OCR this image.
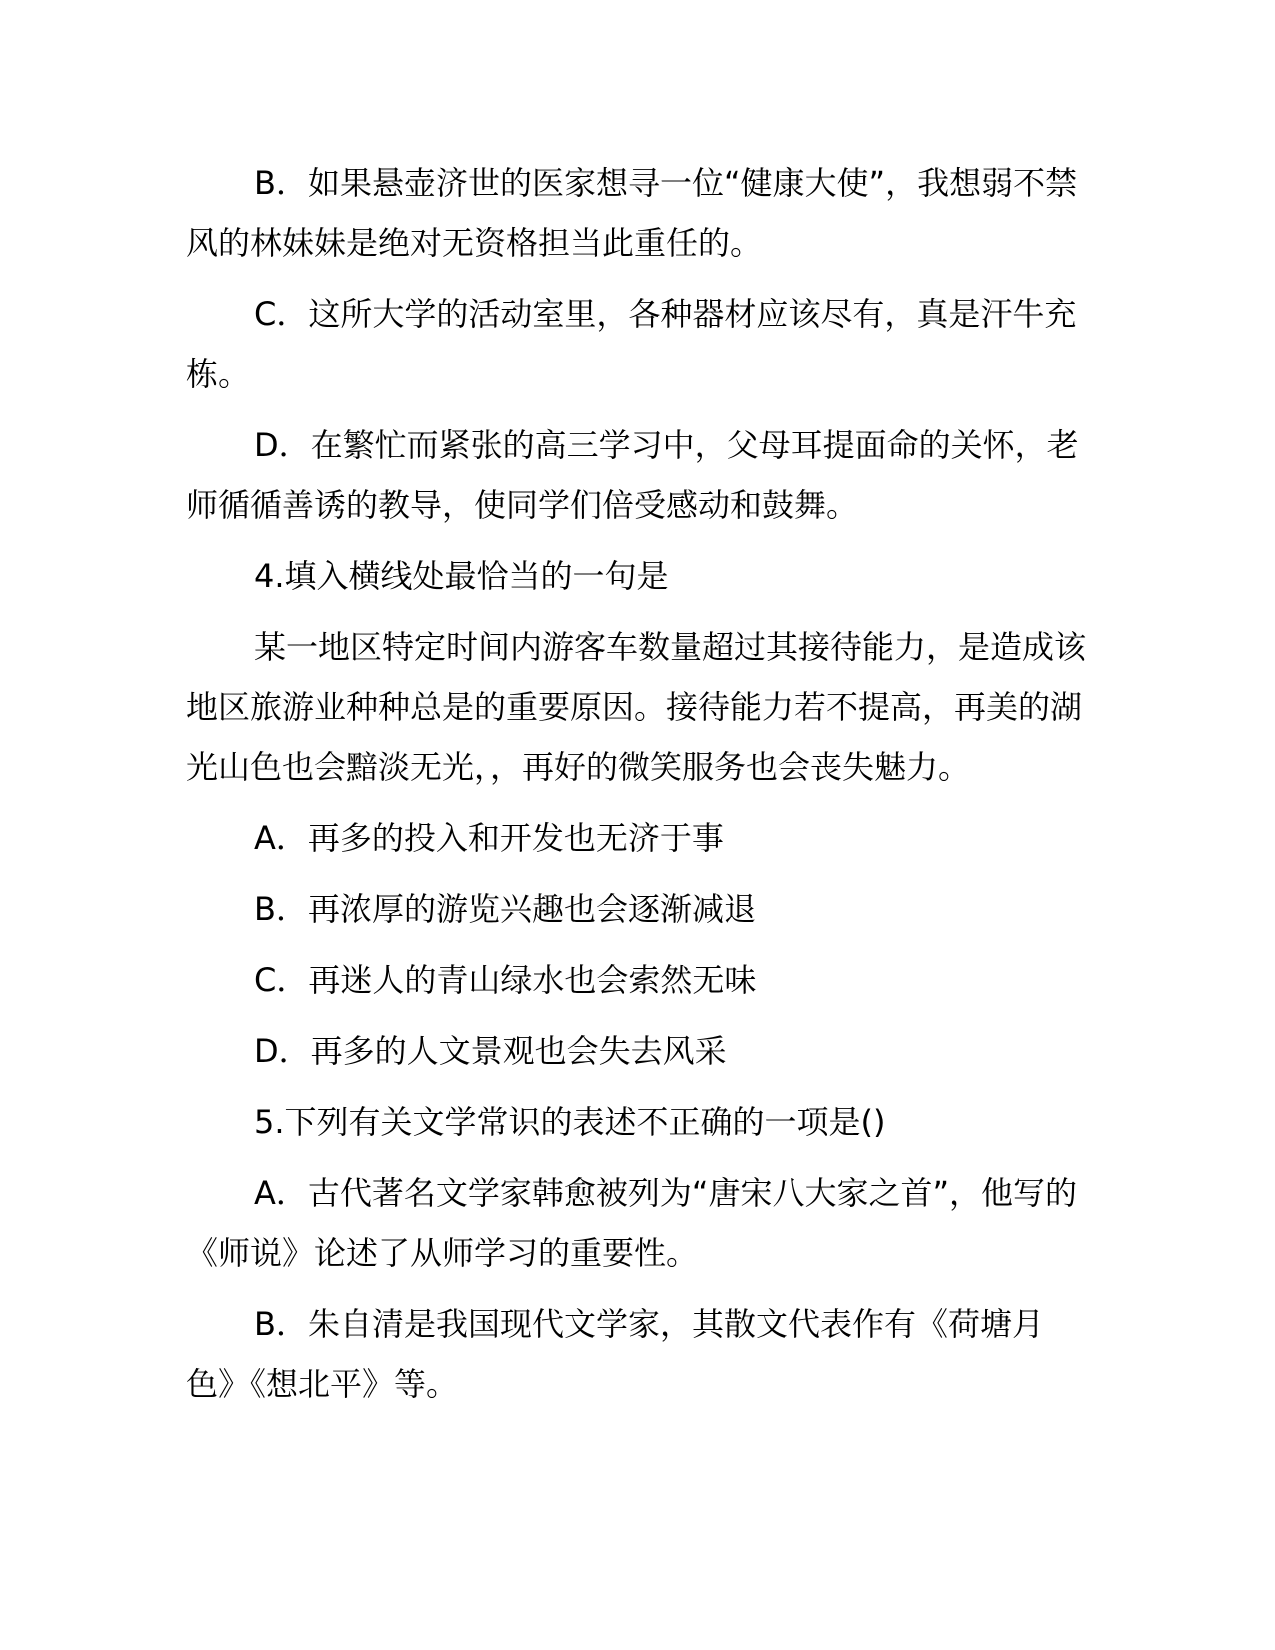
B．如果悬壶济世的医家想寻一位“健康大使”，我想弱不禁风的林妹妹是绝对无资格担当此重任的。

C．这所大学的活动室里，各种器材应该尽有，真是汗牛充栋。

D．在繁忙而紧张的高三学习中，父母耳提面命的关怀，老师循循善诱的教导，使同学们倍受感动和鼓舞。

4.填入横线处最恰当的一句是

某一地区特定时间内游客车数量超过其接待能力，是造成该地区旅游业种种总是的重要原因。接待能力若不提高，再美的湖光山色也会黯淡无光，，再好的微笑服务也会丧失魅力。

A．再多的投入和开发也无济于事

B．再浓厚的游览兴趣也会逐渐减退

C．再迷人的青山绿水也会索然无味

D．再多的人文景观也会失去风采

5.下列有关文学常识的表述不正确的一项是()

A．古代著名文学家韩愈被列为“唐宋八大家之首”，他写的《师说》论述了从师学习的重要性。

B．朱自清是我国现代文学家，其散文代表作有《荷塘月色》《想北平》等。
